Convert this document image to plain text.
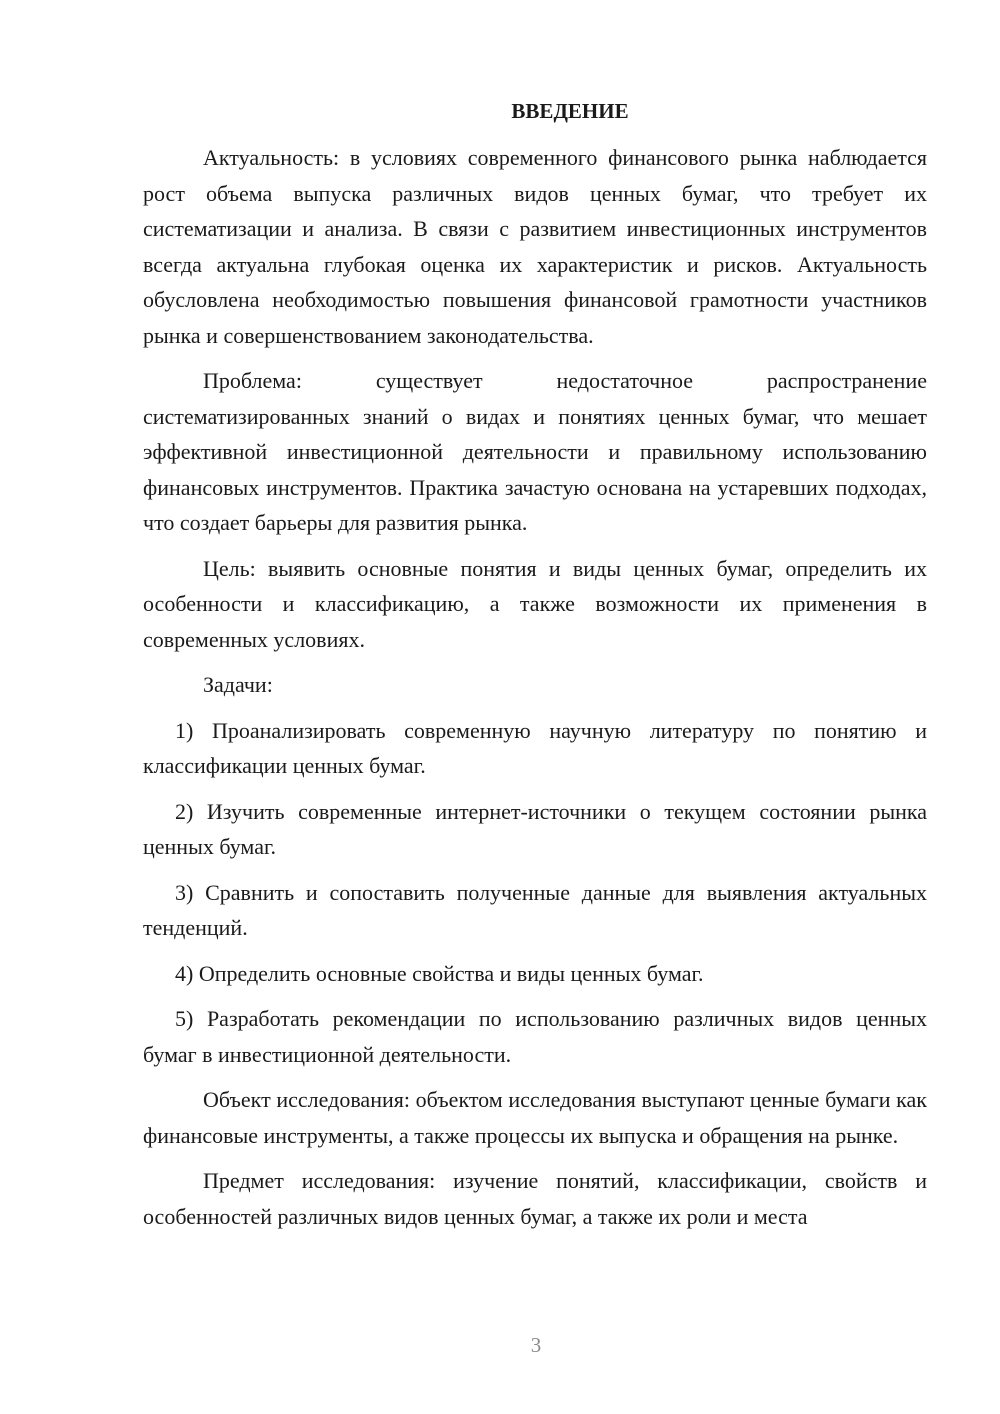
ВВЕДЕНИЕ

Актуальность: в условиях современного финансового рынка наблюдается рост объема выпуска различных видов ценных бумаг, что требует их систематизации и анализа. В связи с развитием инвестиционных инструментов всегда актуальна глубокая оценка их характеристик и рисков. Актуальность обусловлена необходимостью повышения финансовой грамотности участников рынка и совершенствованием законодательства.

Проблема: существует недостаточное распространение систематизированных знаний о видах и понятиях ценных бумаг, что мешает эффективной инвестиционной деятельности и правильному использованию финансовых инструментов. Практика зачастую основана на устаревших подходах, что создает барьеры для развития рынка.

Цель: выявить основные понятия и виды ценных бумаг, определить их особенности и классификацию, а также возможности их применения в современных условиях.

Задачи:

1) Проанализировать современную научную литературу по понятию и классификации ценных бумаг.

2) Изучить современные интернет-источники о текущем состоянии рынка ценных бумаг.

3) Сравнить и сопоставить полученные данные для выявления актуальных тенденций.

4) Определить основные свойства и виды ценных бумаг.

5) Разработать рекомендации по использованию различных видов ценных бумаг в инвестиционной деятельности.

Объект исследования: объектом исследования выступают ценные бумаги как финансовые инструменты, а также процессы их выпуска и обращения на рынке.

Предмет исследования: изучение понятий, классификации, свойств и особенностей различных видов ценных бумаг, а также их роли и места

3
